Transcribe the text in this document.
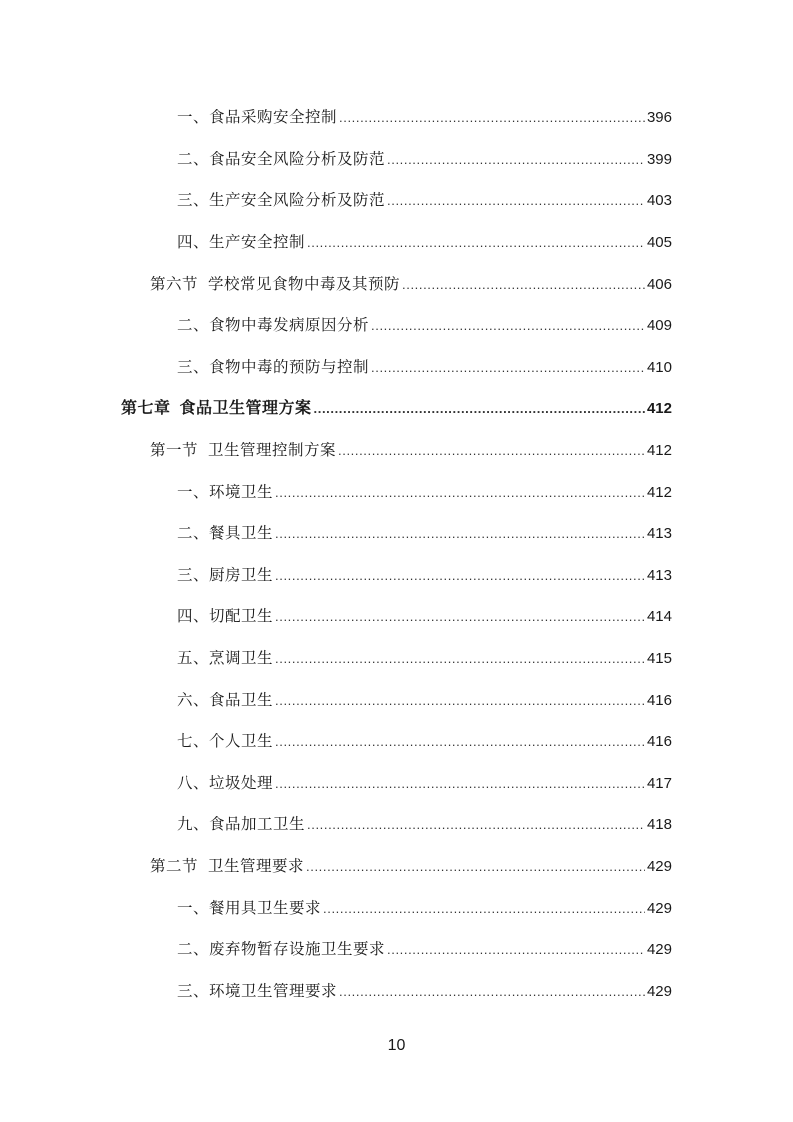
一、食品采购安全控制 .....	396
二、食品安全风险分析及防范 .....	399
三、生产安全风险分析及防范 .....	403
四、生产安全控制 .....	405
第六节 学校常见食物中毒及其预防 .....	406
二、食物中毒发病原因分析 .....	409
三、食物中毒的预防与控制 .....	410
第七章 食品卫生管理方案 .....	412
第一节 卫生管理控制方案 .....	412
一、环境卫生 .....	412
二、餐具卫生 .....	413
三、厨房卫生 .....	413
四、切配卫生 .....	414
五、烹调卫生 .....	415
六、食品卫生 .....	416
七、个人卫生 .....	416
八、垃圾处理 .....	417
九、食品加工卫生 .....	418
第二节 卫生管理要求 .....	429
一、餐用具卫生要求 .....	429
二、废弃物暂存设施卫生要求 .....	429
三、环境卫生管理要求 .....	429
10
